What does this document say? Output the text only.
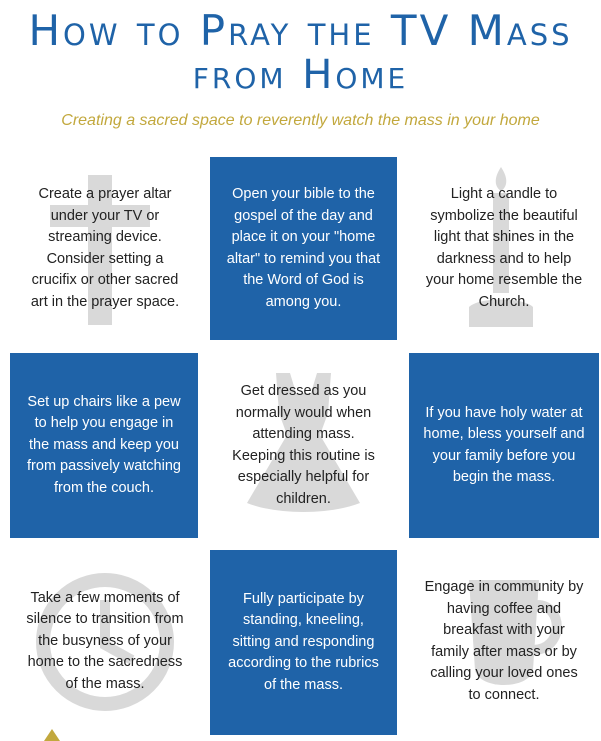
How to Pray the TV Mass
from Home
Creating a sacred space to reverently watch the mass in your home
Create a prayer altar under your TV or streaming device. Consider setting a crucifix or other sacred art in the prayer space.
Open your bible to the gospel of the day and place it on your "home altar" to remind you that the Word of God is among you.
Light a candle to symbolize the beautiful light that shines in the darkness and to help your home resemble the Church.
Set up chairs like a pew to help you engage in the mass and keep you from passively watching from the couch.
Get dressed as you normally would when attending mass. Keeping this routine is especially helpful for children.
If you have holy water at home, bless yourself and your family before you begin the mass.
Take a few moments of silence to transition from the busyness of your home to the sacredness of the mass.
Fully participate by standing, kneeling, sitting and responding according to the rubrics of the mass.
Engage in community by having coffee and breakfast with your family after mass or by calling your loved ones to connect.
